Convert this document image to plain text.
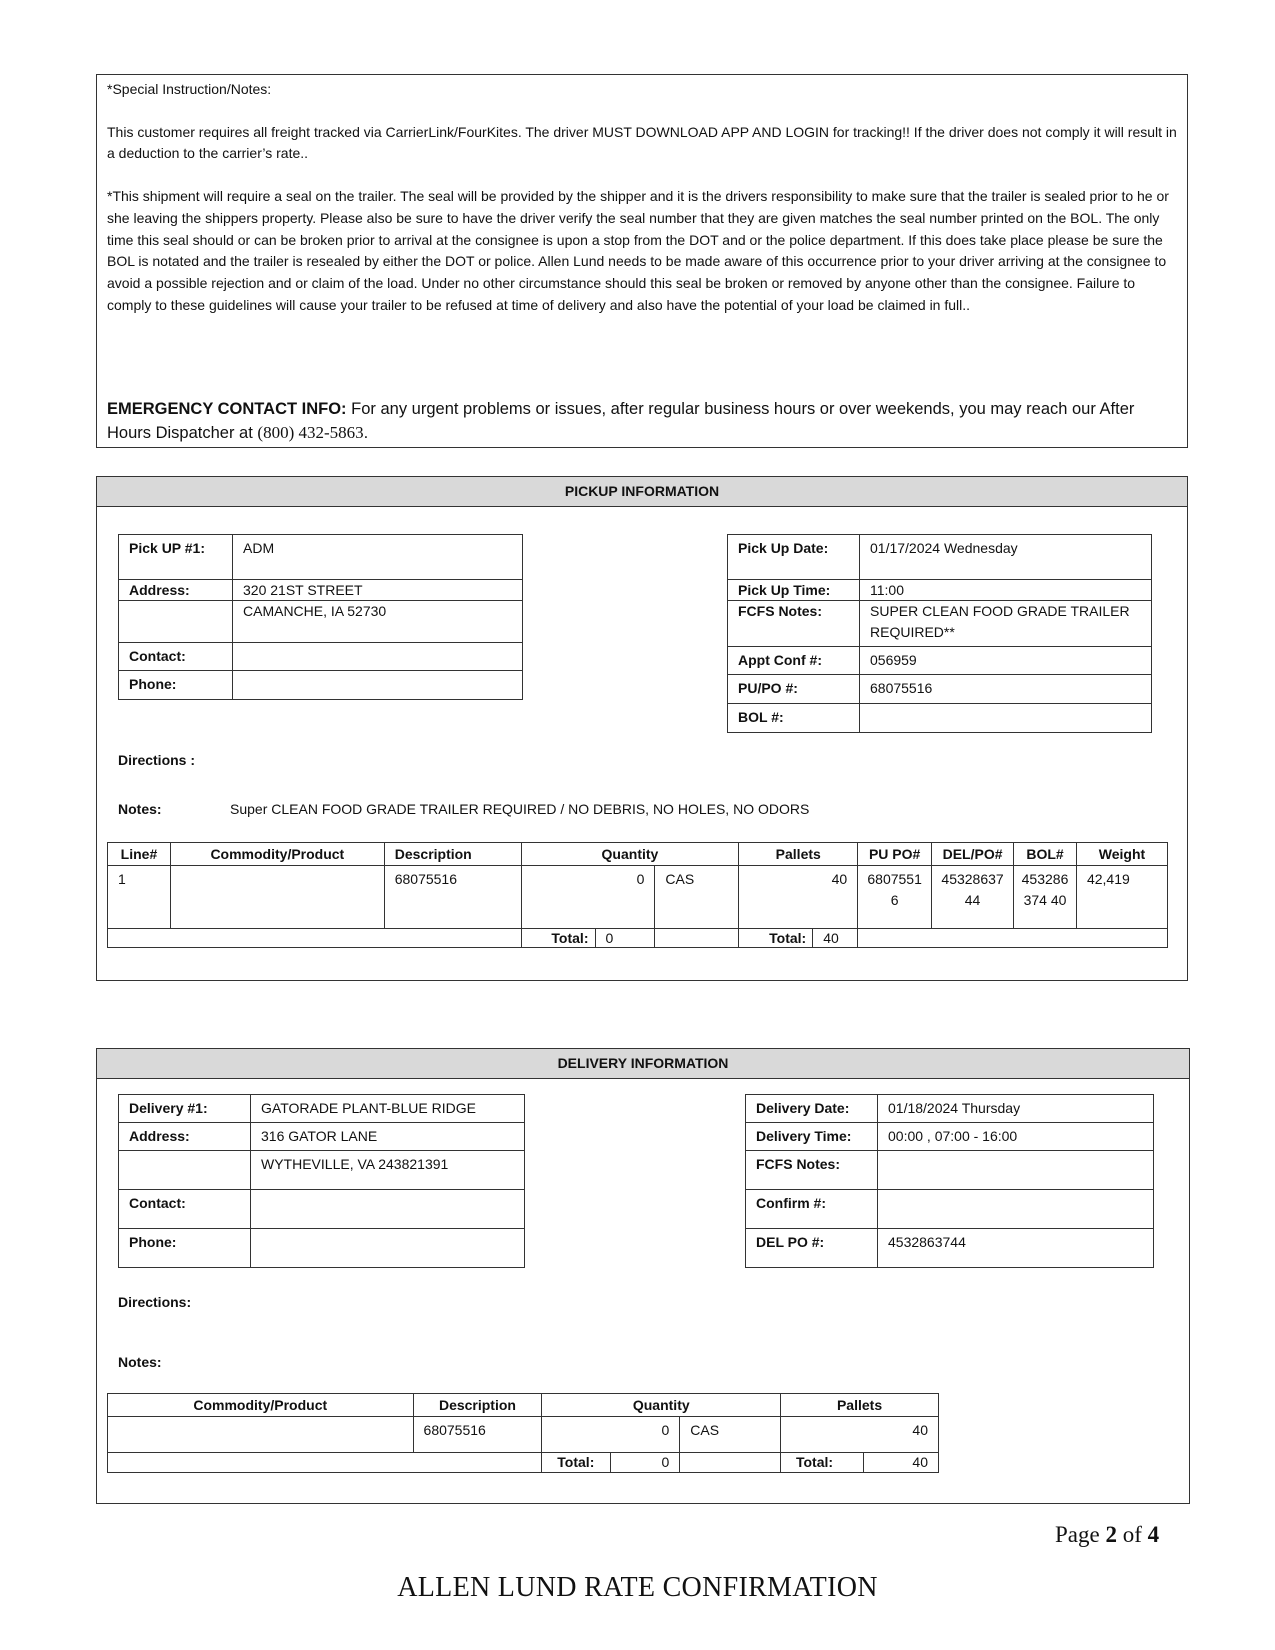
*Special Instruction/Notes:

This customer requires all freight tracked via CarrierLink/FourKites. The driver MUST DOWNLOAD APP AND LOGIN for tracking!! If the driver does not comply it will result in a deduction to the carrier’s rate..

*This shipment will require a seal on the trailer. The seal will be provided by the shipper and it is the drivers responsibility to make sure that the trailer is sealed prior to he or she leaving the shippers property. Please also be sure to have the driver verify the seal number that they are given matches the seal number printed on the BOL. The only time this seal should or can be broken prior to arrival at the consignee is upon a stop from the DOT and or the police department. If this does take place please be sure the BOL is notated and the trailer is resealed by either the DOT or police. Allen Lund needs to be made aware of this occurrence prior to your driver arriving at the consignee to avoid a possible rejection and or claim of the load. Under no other circumstance should this seal be broken or removed by anyone other than the consignee. Failure to comply to these guidelines will cause your trailer to be refused at time of delivery and also have the potential of your load be claimed in full..

EMERGENCY CONTACT INFO: For any urgent problems or issues, after regular business hours or over weekends, you may reach our After Hours Dispatcher at (800) 432-5863.
PICKUP INFORMATION
Pick UP #1:	ADM
Address:	320 21ST STREET
	CAMANCHE, IA 52730
Contact:	
Phone:	
Pick Up Date:	01/17/2024 Wednesday
Pick Up Time:	11:00
FCFS Notes:	SUPER CLEAN FOOD GRADE TRAILER REQUIRED**
Appt Conf #:	056959
PU/PO #:	68075516
BOL #:	
Directions :
Notes:	Super CLEAN FOOD GRADE TRAILER REQUIRED / NO DEBRIS, NO HOLES, NO ODORS
Line#	Commodity/Product	Description	Quantity			Pallets		PU PO#	DEL/PO#	BOL#	Weight
1		68075516	0		CAS	40		68075516	4532863744	453286374 40	42,419
			Total:	0		Total:	40				
DELIVERY INFORMATION
Delivery #1:	GATORADE PLANT-BLUE RIDGE
Address:	316 GATOR LANE
	WYTHEVILLE, VA 243821391
Contact:	
Phone:	
Delivery Date:	01/18/2024 Thursday
Delivery Time:	00:00 , 07:00 - 16:00
FCFS Notes:	
Confirm #:	
DEL PO #:	4532863744
Directions:
Notes:
Commodity/Product	Description	Quantity			Pallets	
	68075516	0		CAS	40	
		Total:	0		Total:	40
Page 2 of 4
ALLEN LUND RATE CONFIRMATION
